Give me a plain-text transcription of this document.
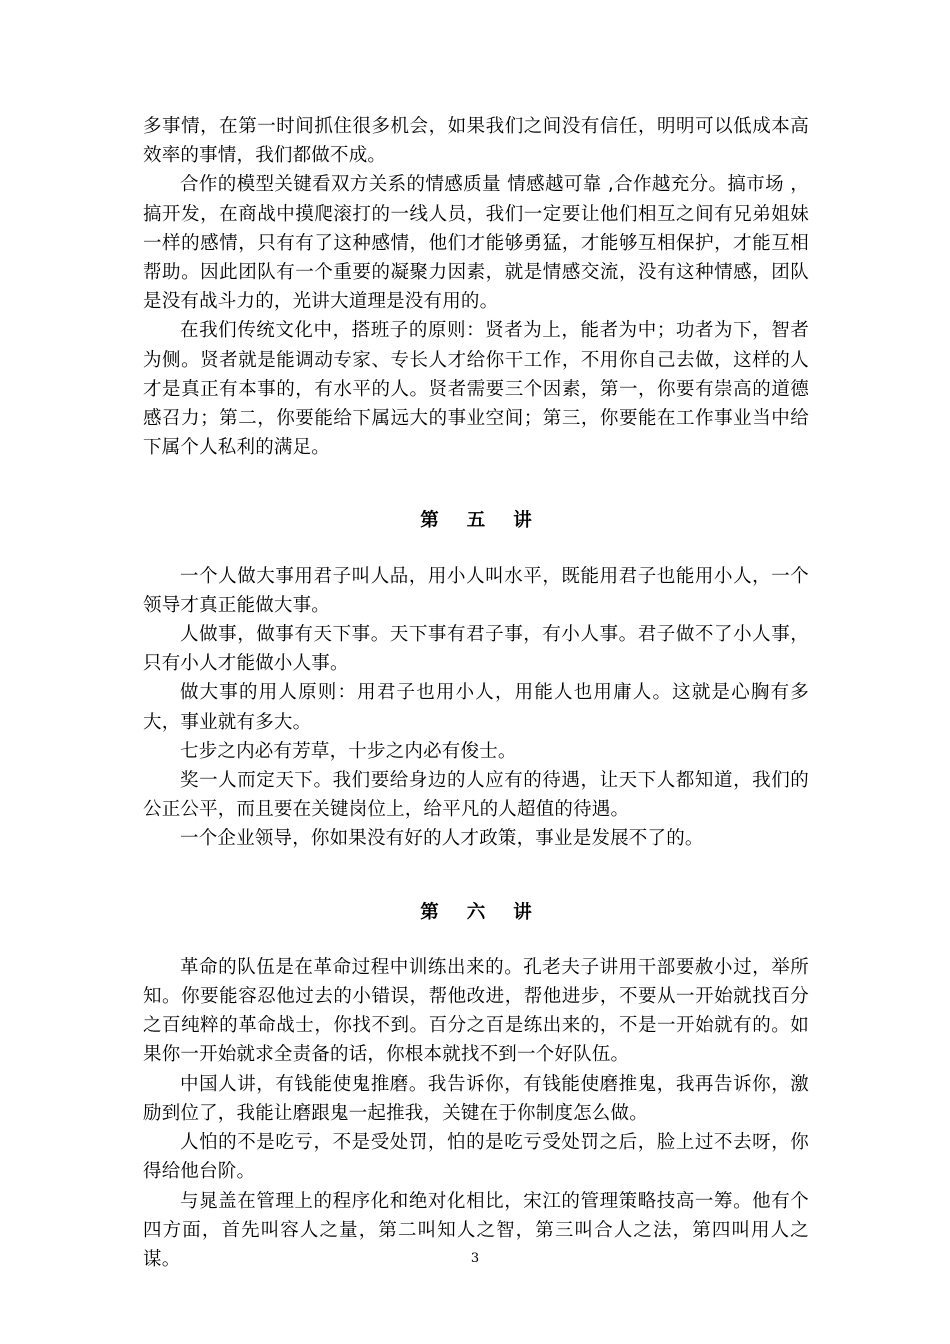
多事情，在第一时间抓住很多机会，如果我们之间没有信任，明明可以低成本高效率的事情，我们都做不成。

合作的模型关键看双方关系的情感质量 情感越可靠 ,合作越充分。搞市场 ，搞开发，在商战中摸爬滚打的一线人员，我们一定要让他们相互之间有兄弟姐妹一样的感情，只有有了这种感情，他们才能够勇猛，才能够互相保护，才能互相帮助。因此团队有一个重要的凝聚力因素，就是情感交流，没有这种情感，团队是没有战斗力的，光讲大道理是没有用的。

在我们传统文化中，搭班子的原则：贤者为上，能者为中；功者为下，智者为侧。贤者就是能调动专家、专长人才给你干工作，不用你自己去做，这样的人才是真正有本事的，有水平的人。贤者需要三个因素，第一，你要有崇高的道德感召力；第二，你要能给下属远大的事业空间；第三，你要能在工作事业当中给下属个人私利的满足。

第五讲

一个人做大事用君子叫人品，用小人叫水平，既能用君子也能用小人，一个领导才真正能做大事。

人做事，做事有天下事。天下事有君子事，有小人事。君子做不了小人事，只有小人才能做小人事。

做大事的用人原则：用君子也用小人，用能人也用庸人。这就是心胸有多大，事业就有多大。

七步之内必有芳草，十步之内必有俊士。

奖一人而定天下。我们要给身边的人应有的待遇，让天下人都知道，我们的公正公平，而且要在关键岗位上，给平凡的人超值的待遇。

一个企业领导，你如果没有好的人才政策，事业是发展不了的。

第六讲

革命的队伍是在革命过程中训练出来的。孔老夫子讲用干部要赦小过，举所知。你要能容忍他过去的小错误，帮他改进，帮他进步，不要从一开始就找百分之百纯粹的革命战士，你找不到。百分之百是练出来的，不是一开始就有的。如果你一开始就求全责备的话，你根本就找不到一个好队伍。

中国人讲，有钱能使鬼推磨。我告诉你，有钱能使磨推鬼，我再告诉你，激励到位了，我能让磨跟鬼一起推我，关键在于你制度怎么做。

人怕的不是吃亏，不是受处罚，怕的是吃亏受处罚之后，脸上过不去呀，你得给他台阶。

与晁盖在管理上的程序化和绝对化相比，宋江的管理策略技高一筹。他有个四方面，首先叫容人之量，第二叫知人之智，第三叫合人之法，第四叫用人之谋。	3
